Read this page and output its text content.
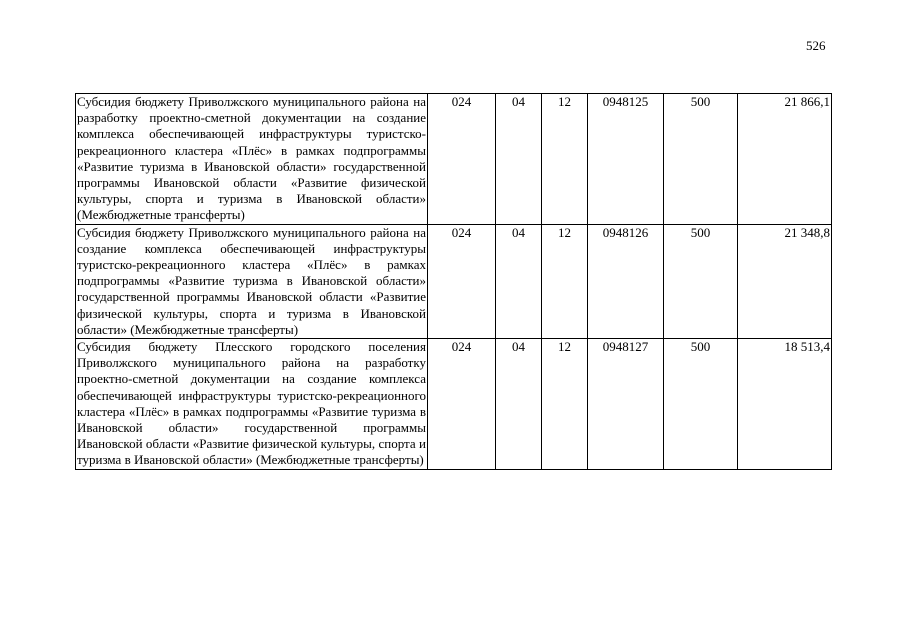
526
Субсидия бюджету Приволжского муниципального района на разработку проектно-сметной документации на создание комплекса обеспечивающей инфраструктуры туристско-рекреационного кластера «Плёс» в рамках подпрограммы «Развитие туризма в Ивановской области» государственной программы Ивановской области «Развитие физической культуры, спорта и туризма в Ивановской области» (Межбюджетные трансферты)	024	04	12	0948125	500	21 866,1
Субсидия бюджету Приволжского муниципального района на создание комплекса обеспечивающей инфраструктуры туристско-рекреационного кластера «Плёс» в рамках подпрограммы «Развитие туризма в Ивановской области» государственной программы Ивановской области «Развитие физической культуры, спорта и туризма в Ивановской области» (Межбюджетные трансферты)	024	04	12	0948126	500	21 348,8
Субсидия бюджету Плесского городского поселения Приволжского муниципального района на разработку проектно-сметной документации на создание комплекса обеспечивающей инфраструктуры туристско-рекреационного кластера «Плёс» в рамках подпрограммы «Развитие туризма в Ивановской области» государственной программы Ивановской области «Развитие физической культуры, спорта и туризма в Ивановской области» (Межбюджетные трансферты)	024	04	12	0948127	500	18 513,4
